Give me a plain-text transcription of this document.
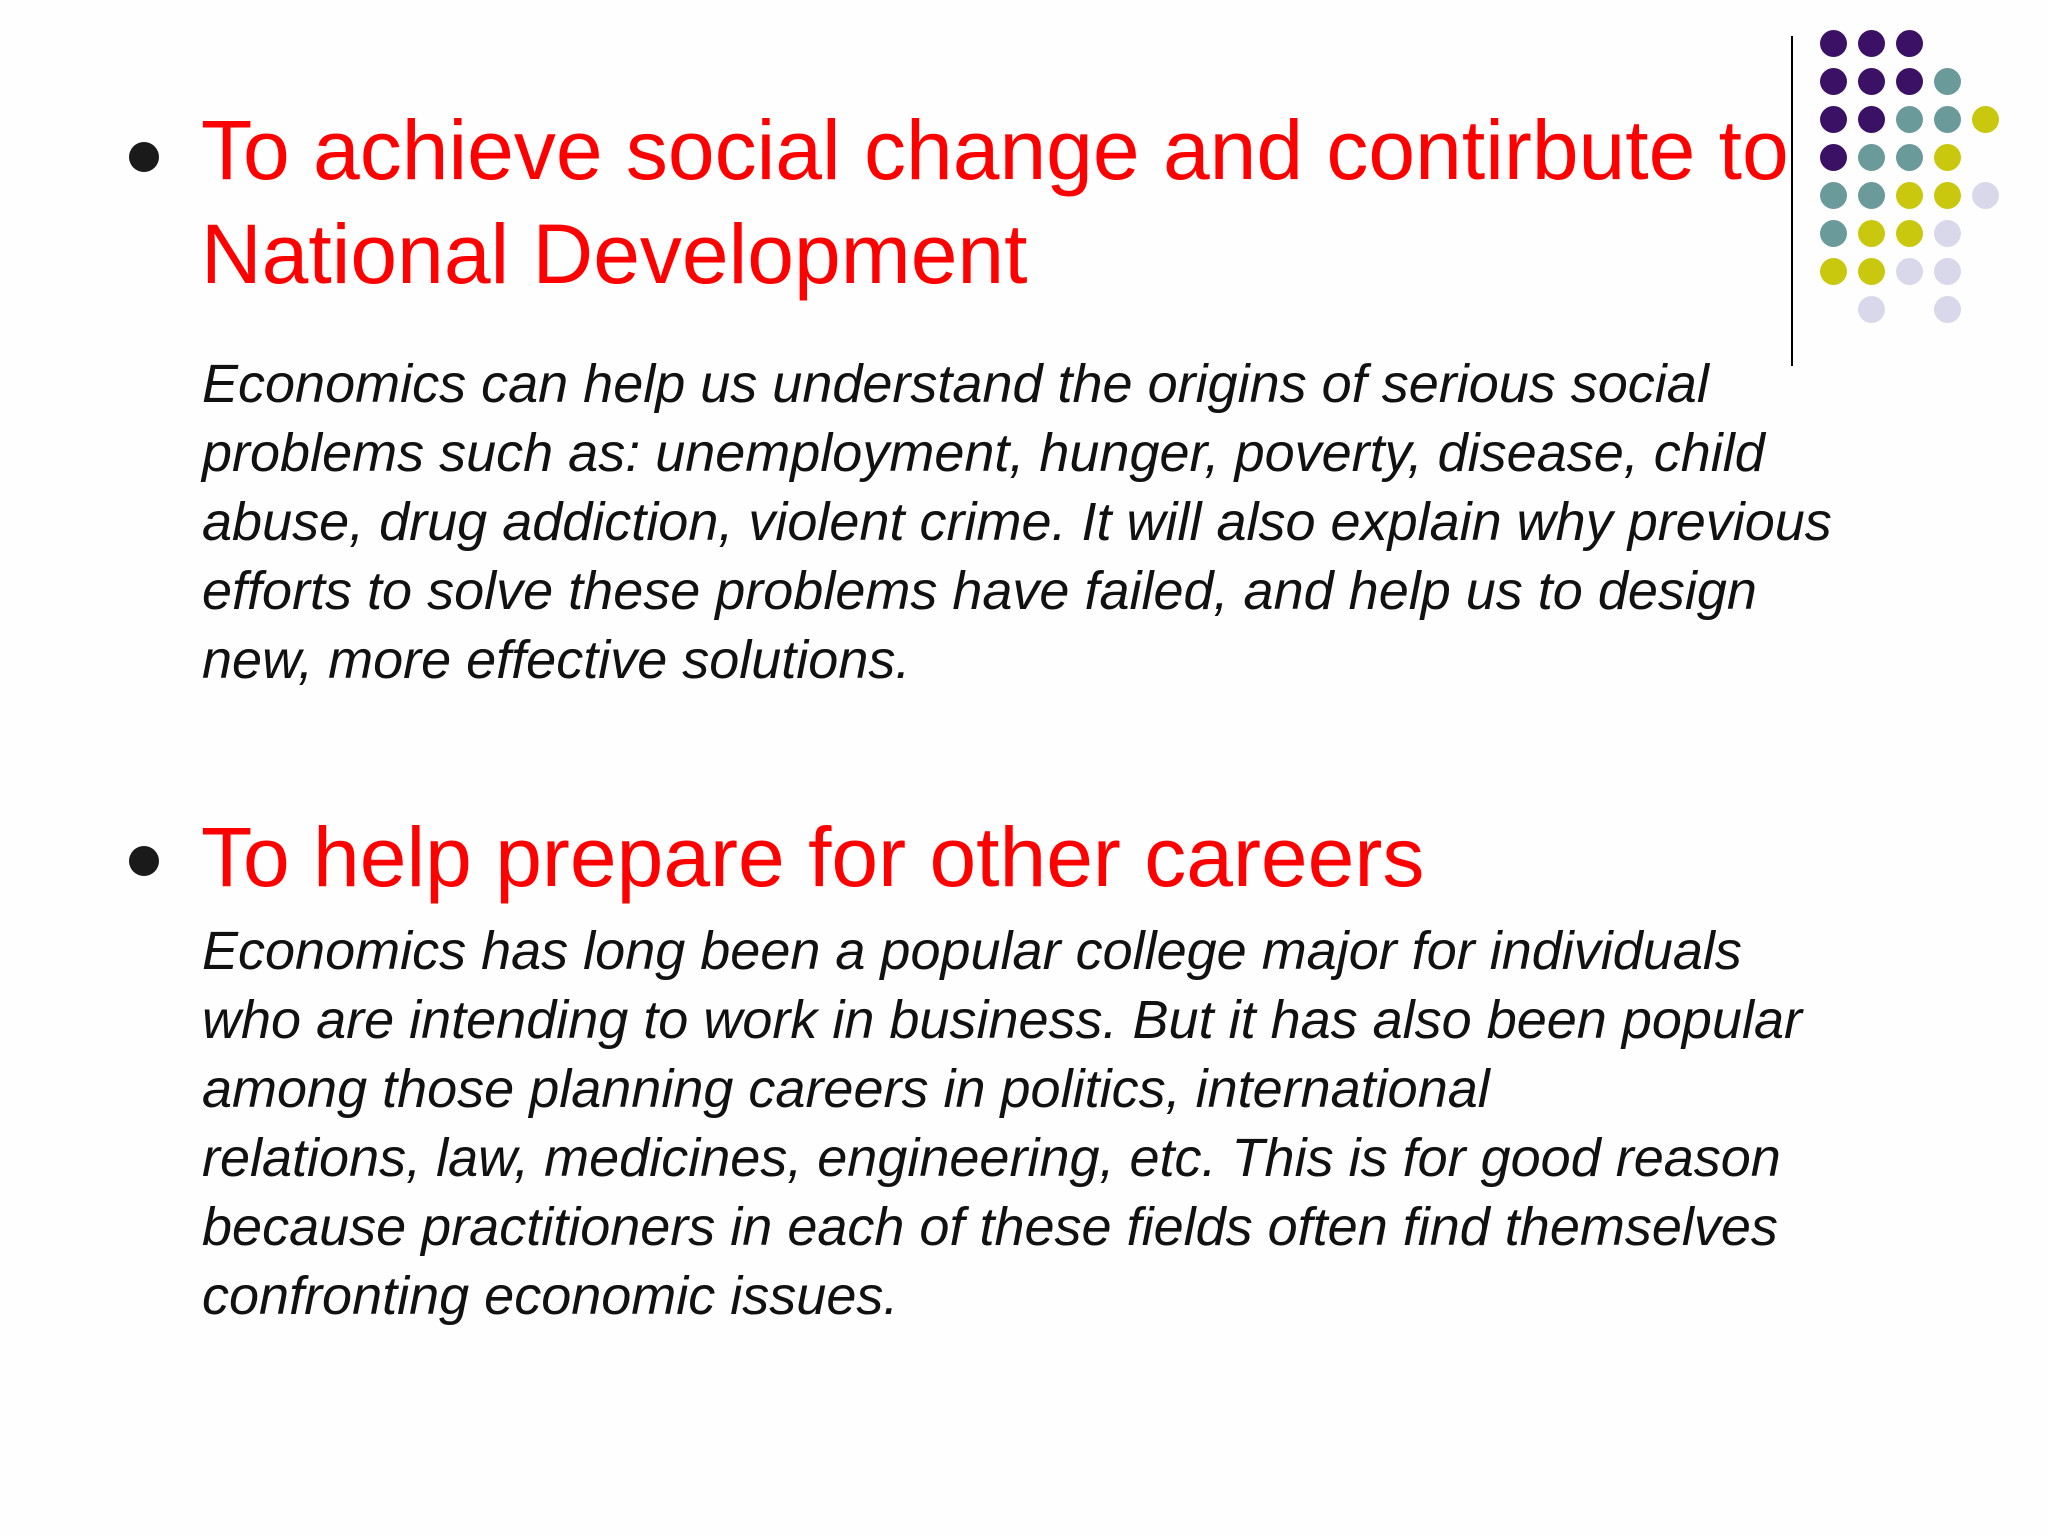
To achieve social change and contirbute to National Development
Economics can help us understand the origins of serious social
problems such as: unemployment, hunger, poverty, disease, child
abuse, drug addiction, violent crime. It will also explain why previous
efforts to solve these problems have failed, and help us to design
new, more effective solutions.
To help prepare for other careers
Economics has long been a popular college major for individuals
who are intending to work in business. But it has also been popular
among those planning careers in politics, international
relations, law, medicines, engineering, etc. This is for good reason
because practitioners in each of these fields often find themselves
confronting economic issues.
